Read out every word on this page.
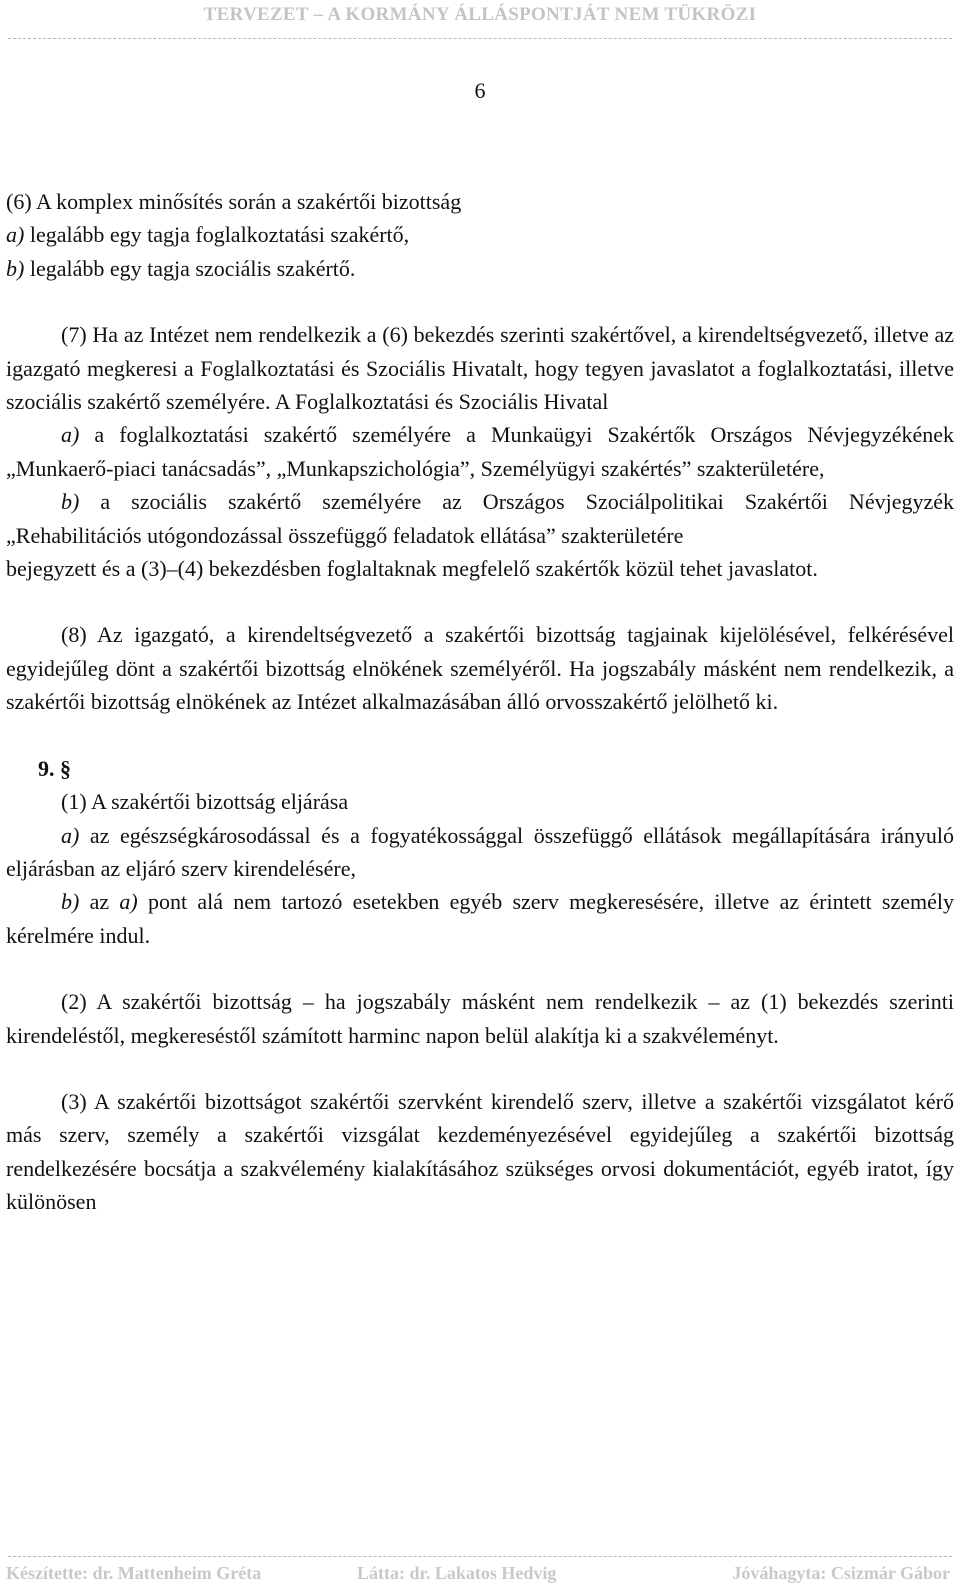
TERVEZET – A KORMÁNY ÁLLÁSPONTJÁT NEM TÜKRÖZI
6

(6) A komplex minősítés során a szakértői bizottság

a) legalább egy tagja foglalkoztatási szakértő,

b) legalább egy tagja szociális szakértő.

(7) Ha az Intézet nem rendelkezik a (6) bekezdés szerinti szakértővel, a kirendeltségvezető, illetve az igazgató megkeresi a Foglalkoztatási és Szociális Hivatalt, hogy tegyen javaslatot a foglalkoztatási, illetve szociális szakértő személyére. A Foglalkoztatási és Szociális Hivatal

a) a foglalkoztatási szakértő személyére a Munkaügyi Szakértők Országos Névjegyzékének „Munkaerő-piaci tanácsadás”, „Munkapszichológia”, Személyügyi szakértés” szakterületére,

b) a szociális szakértő személyére az Országos Szociálpolitikai Szakértői Névjegyzék „Rehabilitációs utógondozással összefüggő feladatok ellátása” szakterületére

bejegyzett és a (3)–(4) bekezdésben foglaltaknak megfelelő szakértők közül tehet javaslatot.

(8) Az igazgató, a kirendeltségvezető a szakértői bizottság tagjainak kijelölésével, felkérésével egyidejűleg dönt a szakértői bizottság elnökének személyéről. Ha jogszabály másként nem rendelkezik, a szakértői bizottság elnökének az Intézet alkalmazásában álló orvosszakértő jelölhető ki.

9. §

(1) A szakértői bizottság eljárása

a) az egészségkárosodással és a fogyatékossággal összefüggő ellátások megállapítására irányuló eljárásban az eljáró szerv kirendelésére,

b) az a) pont alá nem tartozó esetekben egyéb szerv megkeresésére, illetve az érintett személy kérelmére indul.

(2) A szakértői bizottság – ha jogszabály másként nem rendelkezik – az (1) bekezdés szerinti kirendeléstől, megkereséstől számított harminc napon belül alakítja ki a szakvéleményt.

(3) A szakértői bizottságot szakértői szervként kirendelő szerv, illetve a szakértői vizsgálatot kérő más szerv, személy a szakértői vizsgálat kezdeményezésével egyidejűleg a szakértői bizottság rendelkezésére bocsátja a szakvélemény kialakításához szükséges orvosi dokumentációt, egyéb iratot, így különösen

Készítette: dr. Mattenheim Gréta	Látta: dr. Lakatos Hedvig	Jóváhagyta: Csizmár Gábor
